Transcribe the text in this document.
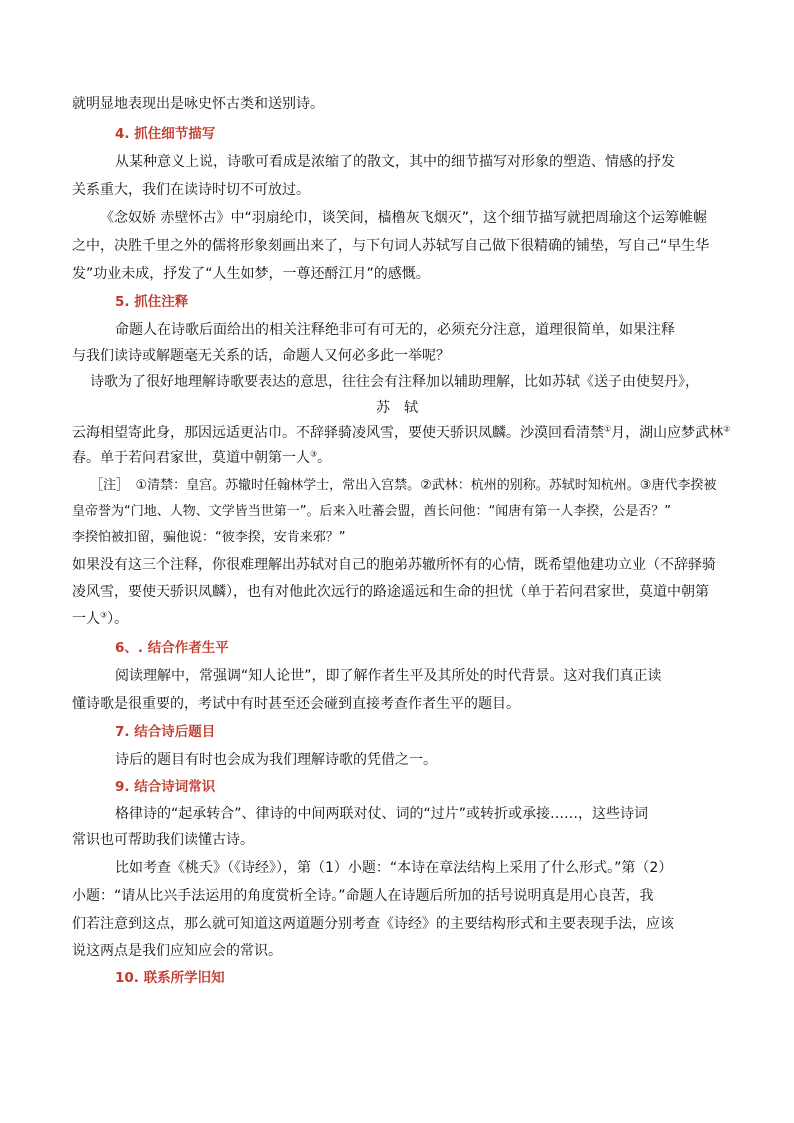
就明显地表现出是咏史怀古类和送别诗。
4. 抓住细节描写
从某种意义上说，诗歌可看成是浓缩了的散文，其中的细节描写对形象的塑造、情感的抒发
关系重大，我们在读诗时切不可放过。
《念奴娇 赤壁怀古》中“羽扇纶巾，谈笑间，樯橹灰飞烟灭”，这个细节描写就把周瑜这个运筹帷幄
之中，决胜千里之外的儒将形象刻画出来了，与下句词人苏轼写自己做下很精确的铺垫，写自己“早生华
发”功业未成，抒发了“人生如梦，一尊还酹江月”的感慨。
5. 抓住注释
命题人在诗歌后面给出的相关注释绝非可有可无的，必须充分注意，道理很简单，如果注释
与我们读诗或解题毫无关系的话，命题人又何必多此一举呢？
诗歌为了很好地理解诗歌要表达的意思，往往会有注释加以辅助理解，比如苏轼《送子由使契丹》，
苏　轼
云海相望寄此身，那因远适更沾巾。不辞驿骑凌风雪，要使天骄识凤麟。沙漠回看清禁①月，湖山应梦武林②
春。单于若问君家世，莫道中朝第一人③。
［注］　①清禁：皇宫。苏辙时任翰林学士，常出入宫禁。②武林：杭州的别称。苏轼时知杭州。③唐代李揆被
皇帝誉为“门地、人物、文学皆当世第一”。后来入吐蕃会盟，酋长问他：“闻唐有第一人李揆，公是否？”
李揆怕被扣留，骗他说：“彼李揆，安肯来邪？”
如果没有这三个注释，你很难理解出苏轼对自己的胞弟苏辙所怀有的心情，既希望他建功立业（不辞驿骑
凌风雪，要使天骄识凤麟），也有对他此次远行的路途遥远和生命的担忧（单于若问君家世，莫道中朝第
一人③）。
6、. 结合作者生平
阅读理解中，常强调“知人论世”，即了解作者生平及其所处的时代背景。这对我们真正读
懂诗歌是很重要的，考试中有时甚至还会碰到直接考查作者生平的题目。
7. 结合诗后题目
诗后的题目有时也会成为我们理解诗歌的凭借之一。
9. 结合诗词常识
格律诗的“起承转合”、律诗的中间两联对仗、词的“过片”或转折或承接……，这些诗词
常识也可帮助我们读懂古诗。
比如考查《桃夭》（《诗经》），第（1）小题：“本诗在章法结构上采用了什么形式。”第（2）
小题：“请从比兴手法运用的角度赏析全诗。”命题人在诗题后所加的括号说明真是用心良苦，我
们若注意到这点，那么就可知道这两道题分别考查《诗经》的主要结构形式和主要表现手法，应该
说这两点是我们应知应会的常识。
10. 联系所学旧知
